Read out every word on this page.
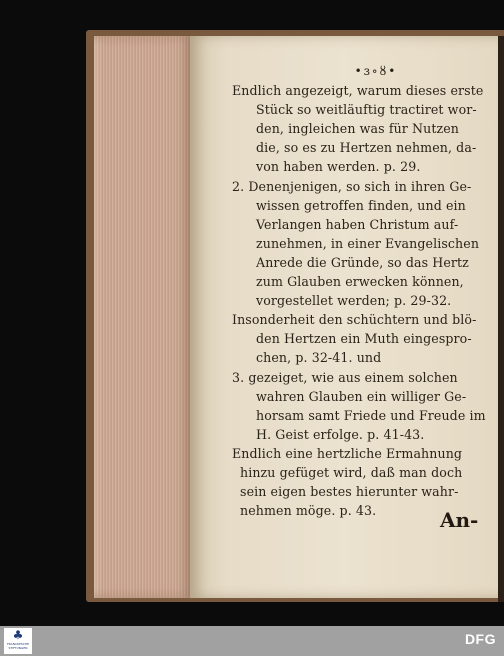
•ɜ∘ȣ•
Endlich angezeigt, warum dieses erste
Stück so weitläuftig tractiret wor-
den, ingleichen was für Nutzen
die, so es zu Hertzen nehmen, da-
von haben werden. p. 29.
2. Denenjenigen, so sich in ihren Ge-
wissen getroffen finden, und ein
Verlangen haben Christum auf-
zunehmen, in einer Evangelischen
Anrede die Gründe, so das Hertz
zum Glauben erwecken können,
vorgestellet werden; p. 29-32.
Insonderheit den schüchtern und blö-
den Hertzen ein Muth eingespro-
chen, p. 32-41. und
3. gezeiget, wie aus einem solchen
wahren Glauben ein williger Ge-
horsam samt Friede und Freude im
H. Geist erfolge. p. 41-43.
Endlich eine hertzliche Ermahnung
hinzu gefüget wird, daß man doch
sein eigen bestes hierunter wahr-
nehmen möge. p. 43.	An-
♣
FRANCKESCHE STIFTUNGEN
DFG
